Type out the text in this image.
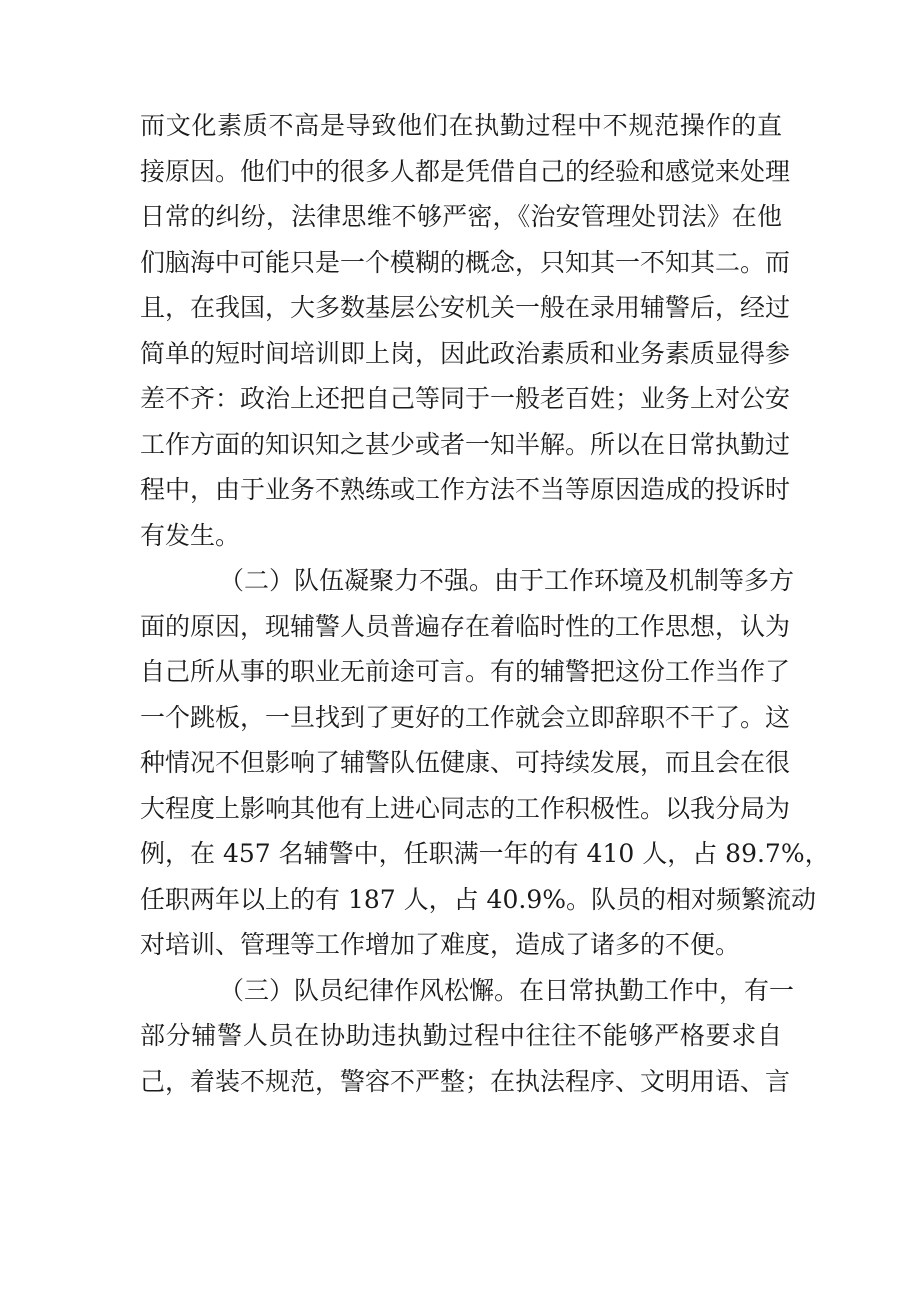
而文化素质不高是导致他们在执勤过程中不规范操作的直
接原因。他们中的很多人都是凭借自己的经验和感觉来处理
日常的纠纷，法律思维不够严密，《治安管理处罚法》在他
们脑海中可能只是一个模糊的概念，只知其一不知其二。而
且，在我国，大多数基层公安机关一般在录用辅警后，经过
简单的短时间培训即上岗，因此政治素质和业务素质显得参
差不齐：政治上还把自己等同于一般老百姓；业务上对公安
工作方面的知识知之甚少或者一知半解。所以在日常执勤过
程中，由于业务不熟练或工作方法不当等原因造成的投诉时
有发生。
（二）队伍凝聚力不强。由于工作环境及机制等多方
面的原因，现辅警人员普遍存在着临时性的工作思想，认为
自己所从事的职业无前途可言。有的辅警把这份工作当作了
一个跳板，一旦找到了更好的工作就会立即辞职不干了。这
种情况不但影响了辅警队伍健康、可持续发展，而且会在很
大程度上影响其他有上进心同志的工作积极性。以我分局为
例，在 457 名辅警中，任职满一年的有 410 人，占 89.7%，
任职两年以上的有 187 人，占 40.9%。队员的相对频繁流动
对培训、管理等工作增加了难度，造成了诸多的不便。
（三）队员纪律作风松懈。在日常执勤工作中，有一
部分辅警人员在协助违执勤过程中往往不能够严格要求自
己，着装不规范，警容不严整；在执法程序、文明用语、言
